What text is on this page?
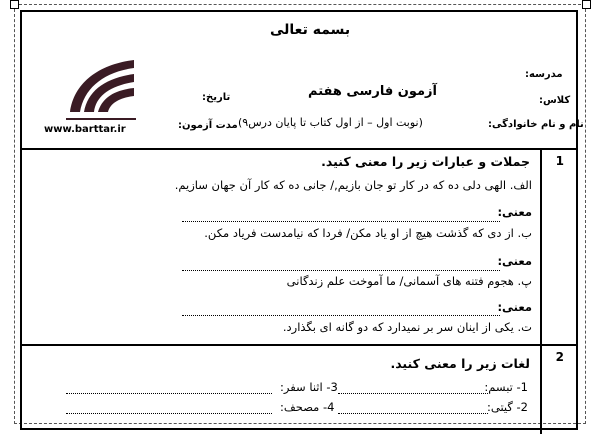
بسمه تعالی
آزمون فارسی هفتم
(نوبت اول – از اول کتاب تا پایان درس۹)
مدرسه:
کلاس:
نام و نام خانوادگی:
تاریخ:
مدت آزمون:
www.barttar.ir
1
جملات و عبارات زیر را معنی کنید.
الف. الهی دلی ده که در کار تو جان بازیم,/ جانی ده که کار آن جهان سازیم.
معنی:
ب. از دی که گذشت هیچ از او یاد مکن/ فردا که نیامدست فریاد مکن.
معنی:
پ. هجوم فتنه های آسمانی/ ما آموخت علم زندگانی
معنی:
ت. یکی از اینان سر بر نمیدارد که دو گانه ای بگذارد.
2
لغات زیر را معنی کنید.
1- تبسم:
3- اثنا سفر:
2- گیتی:
4- مصحف:
